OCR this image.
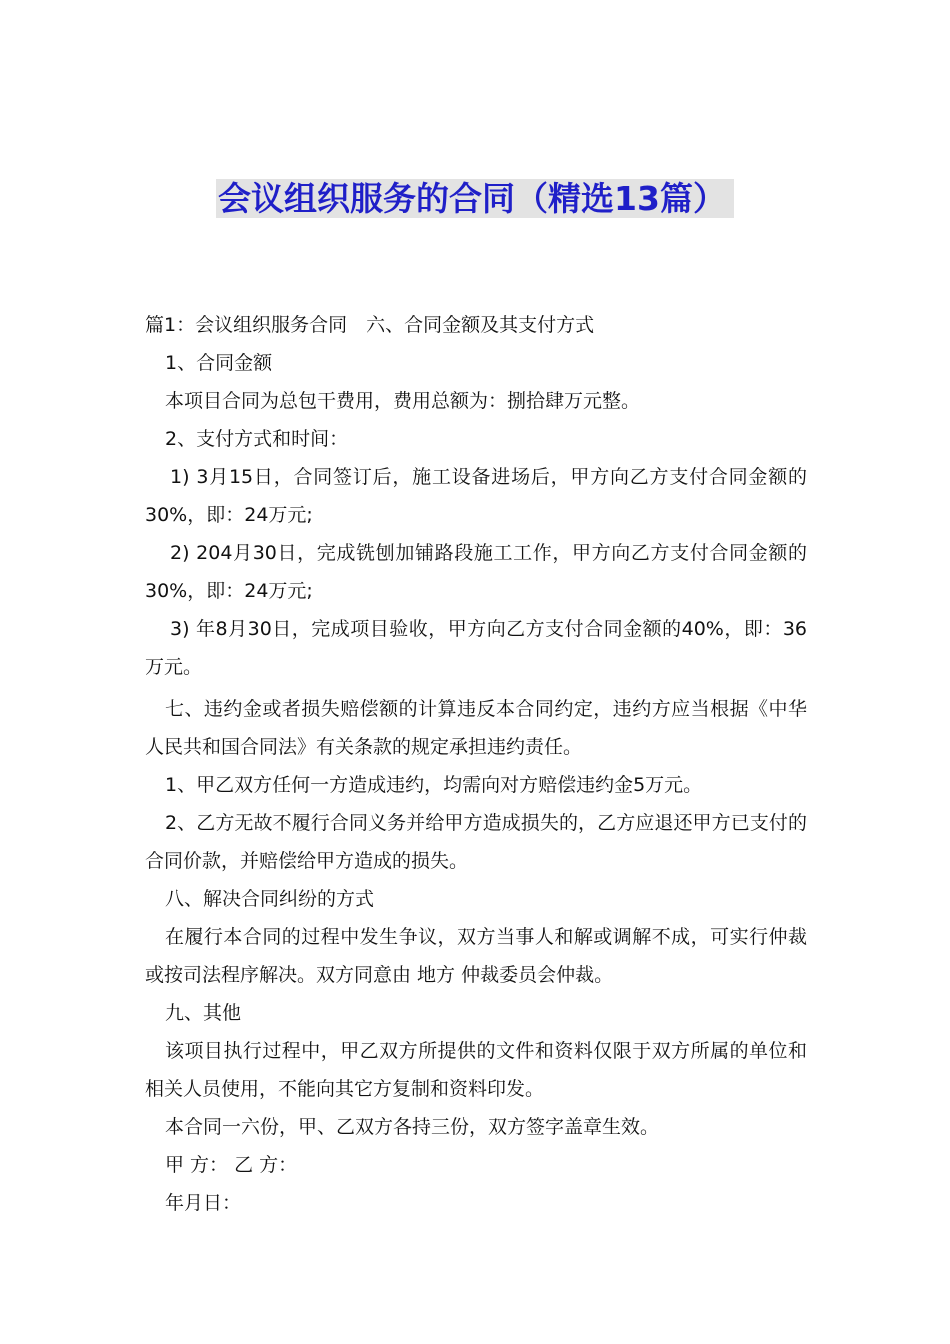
会议组织服务的合同（精选13篇）

篇1：会议组织服务合同　六、合同金额及其支付方式

1、合同金额

本项目合同为总包干费用，费用总额为：捌拾肆万元整。

2、支付方式和时间：

1) 3月15日，合同签订后，施工设备进场后，甲方向乙方支付合同金额的30%，即：24万元;

2) 204月30日，完成铣刨加铺路段施工工作，甲方向乙方支付合同金额的30%，即：24万元;

3) 年8月30日，完成项目验收，甲方向乙方支付合同金额的40%，即：36万元。

七、违约金或者损失赔偿额的计算违反本合同约定，违约方应当根据《中华人民共和国合同法》有关条款的规定承担违约责任。

1、甲乙双方任何一方造成违约，均需向对方赔偿违约金5万元。

2、乙方无故不履行合同义务并给甲方造成损失的，乙方应退还甲方已支付的合同价款，并赔偿给甲方造成的损失。

八、解决合同纠纷的方式

在履行本合同的过程中发生争议，双方当事人和解或调解不成，可实行仲裁或按司法程序解决。双方同意由 地方 仲裁委员会仲裁。

九、其他

该项目执行过程中，甲乙双方所提供的文件和资料仅限于双方所属的单位和相关人员使用，不能向其它方复制和资料印发。

本合同一六份，甲、乙双方各持三份，双方签字盖章生效。

甲 方： 乙 方：

年月日：
